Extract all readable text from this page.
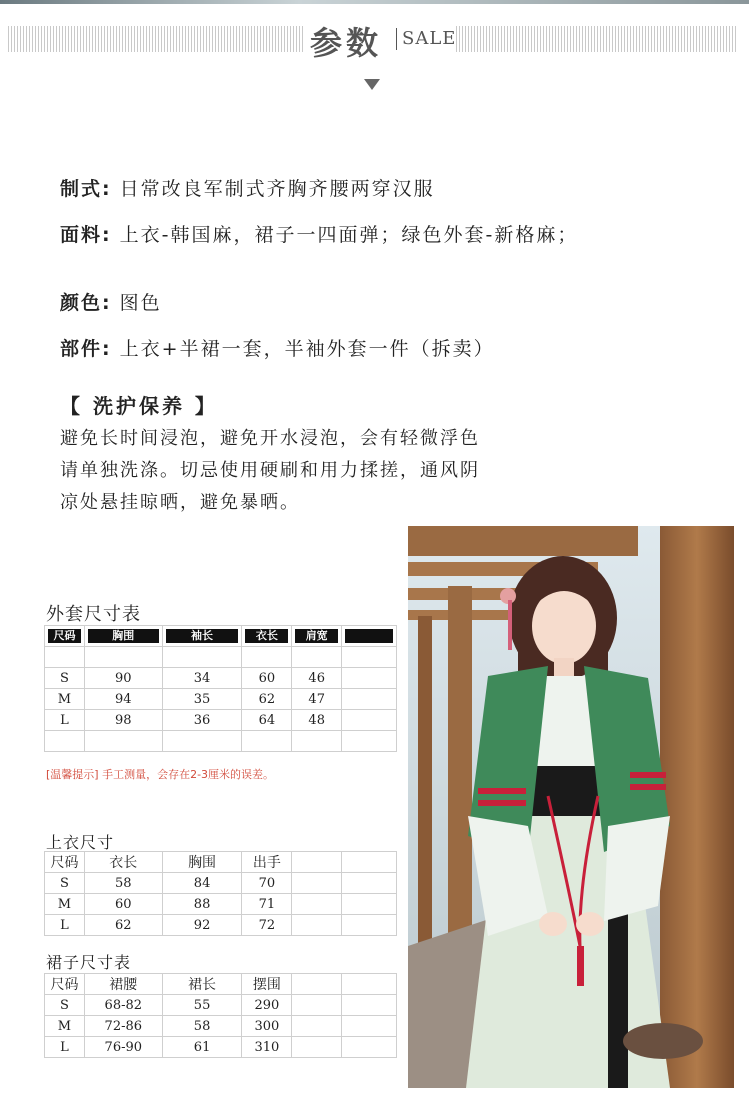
参数 SALE
制式: 日常改良军制式齐胸齐腰两穿汉服
面料: 上衣-韩国麻，裙子一四面弹；绿色外套-新格麻；
颜色: 图色
部件: 上衣+半裙一套，半袖外套一件（拆卖）
【 洗护保养 】
避免长时间浸泡，避免开水浸泡，会有轻微浮色
请单独洗涤。切忌使用硬刷和用力揉搓，通风阴
凉处悬挂晾晒，避免暴晒。
外套尺寸表
尺码	胸围	袖长	衣长	肩宽	

S	90	34	60	46	
M	94	35	62	47	
L	98	36	64	48	

[温馨提示] 手工测量，会存在2-3厘米的误差。
上衣尺寸
尺码	衣长	胸围	出手		
S	58	84	70		
M	60	88	71		
L	62	92	72		
裙子尺寸表
尺码	裙腰	裙长	摆围		
S	68-82	55	290		
M	72-86	58	300		
L	76-90	61	310		
